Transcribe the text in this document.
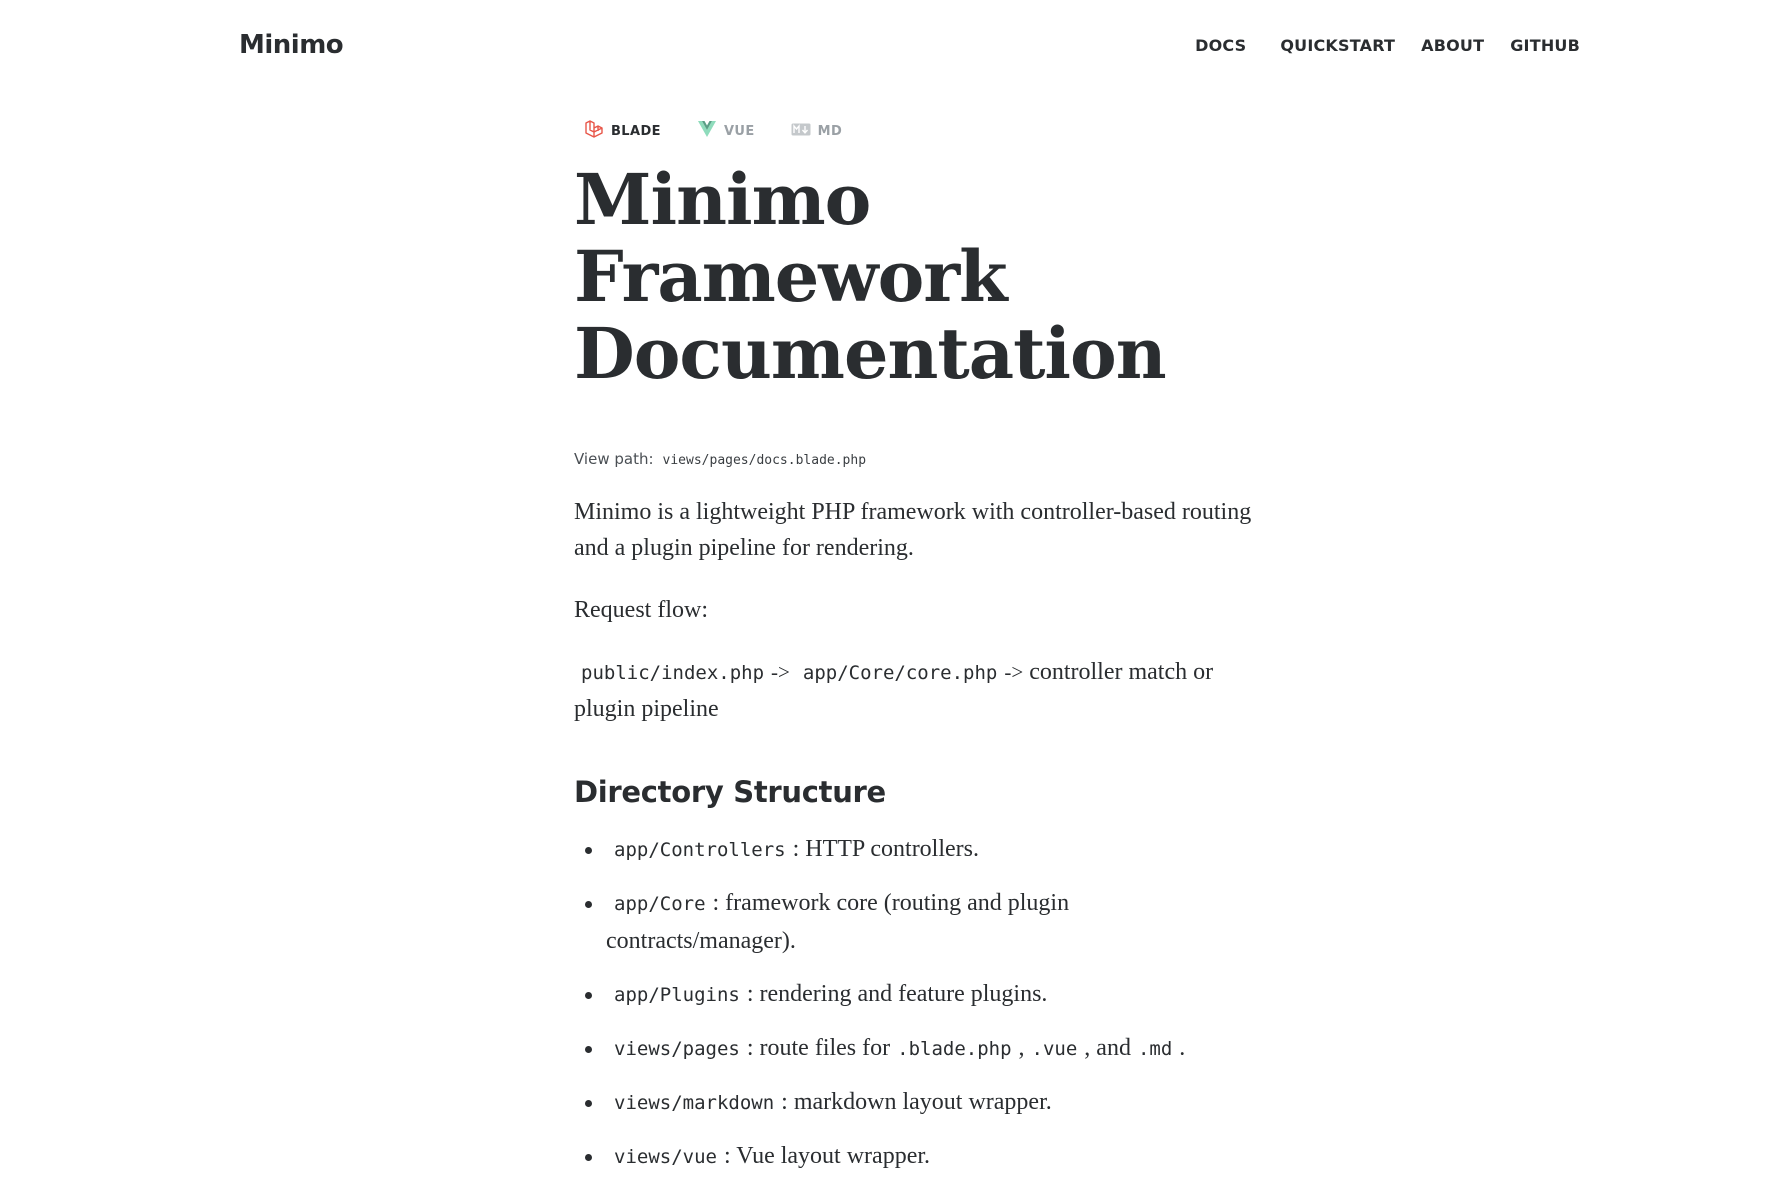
Minimo	DOCS QUICKSTART ABOUT GITHUB
BLADE	VUE	MD
Minimo
Framework
Documentation
View path: views/pages/docs.blade.php

Minimo is a lightweight PHP framework with controller-based routing and a plugin pipeline for rendering.

Request flow:

public/index.php -> app/Core/core.php -> controller match or plugin pipeline

Directory Structure
app/Controllers : HTTP controllers.
app/Core : framework core (routing and plugin contracts/manager).
app/Plugins : rendering and feature plugins.
views/pages : route files for .blade.php , .vue , and .md .
views/markdown : markdown layout wrapper.
views/vue : Vue layout wrapper.
